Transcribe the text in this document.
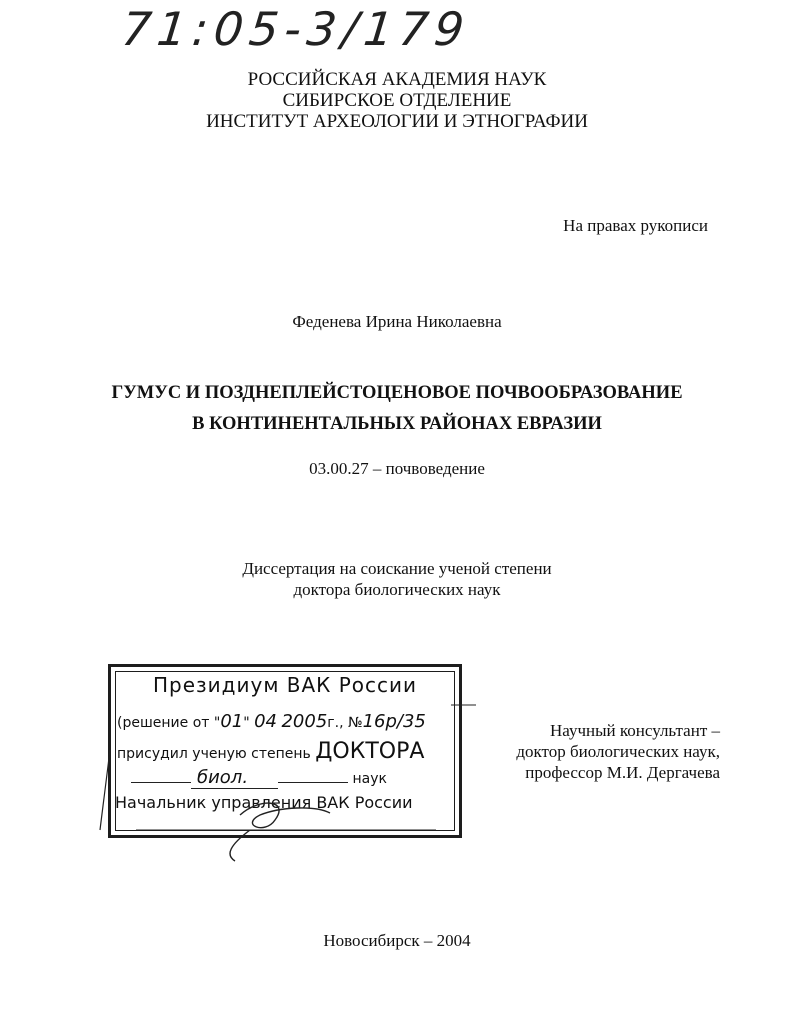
71:05-3/179
РОССИЙСКАЯ АКАДЕМИЯ НАУК
СИБИРСКОЕ ОТДЕЛЕНИЕ
ИНСТИТУТ АРХЕОЛОГИИ И ЭТНОГРАФИИ
На правах рукописи
Феденева Ирина Николаевна
ГУМУС И ПОЗДНЕПЛЕЙСТОЦЕНОВОЕ ПОЧВООБРАЗОВАНИЕ
В КОНТИНЕНТАЛЬНЫХ РАЙОНАХ ЕВРАЗИИ
03.00.27 – почвоведение
Диссертация на соискание ученой степени
доктора биологических наук
Президиум ВАК России
(решение от "01" 04 2005г., №16р/35
присудил ученую степень ДОКТОРА
биол.	наук
Начальник управления ВАК России
Научный консультант –
доктор биологических наук,
профессор М.И. Дергачева
Новосибирск – 2004
